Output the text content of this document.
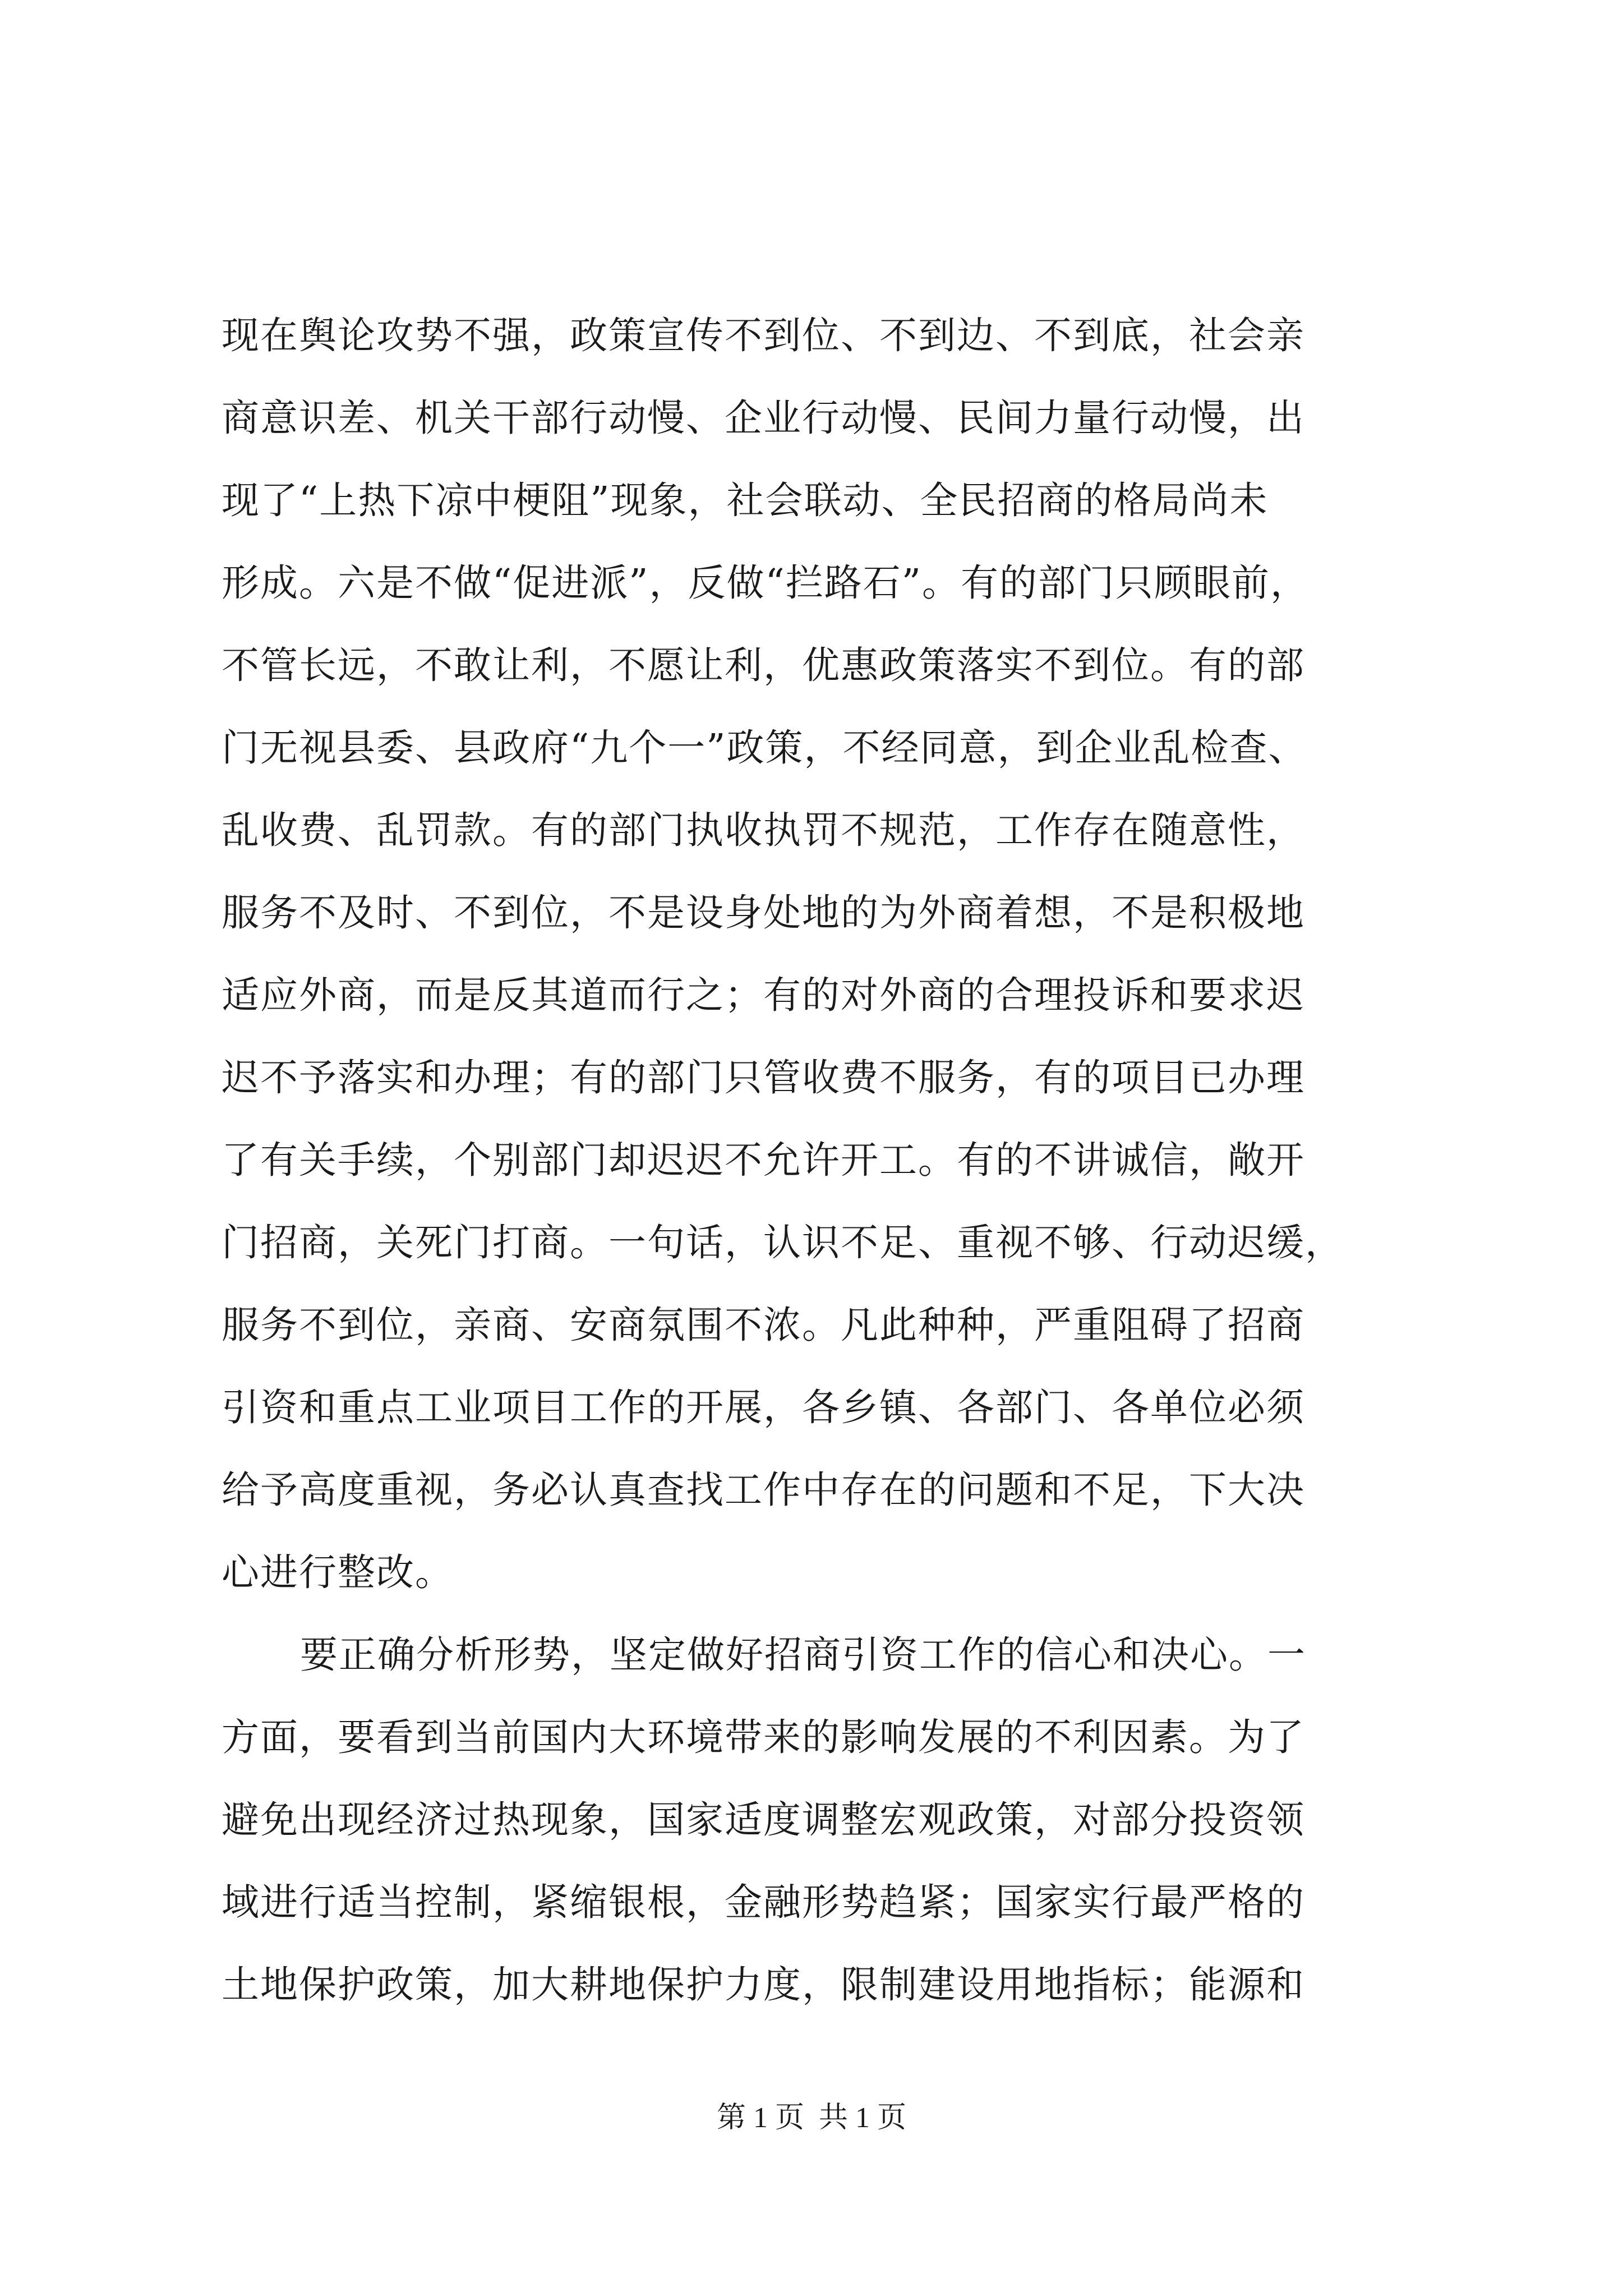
现在舆论攻势不强，政策宣传不到位、不到边、不到底，社会亲
商意识差、机关干部行动慢、企业行动慢、民间力量行动慢，出
现了“上热下凉中梗阻”现象，社会联动、全民招商的格局尚未
形成。六是不做“促进派”，反做“拦路石”。有的部门只顾眼前，
不管长远，不敢让利，不愿让利，优惠政策落实不到位。有的部
门无视县委、县政府“九个一”政策，不经同意，到企业乱检查、
乱收费、乱罚款。有的部门执收执罚不规范，工作存在随意性，
服务不及时、不到位，不是设身处地的为外商着想，不是积极地
适应外商，而是反其道而行之；有的对外商的合理投诉和要求迟
迟不予落实和办理；有的部门只管收费不服务，有的项目已办理
了有关手续，个别部门却迟迟不允许开工。有的不讲诚信，敞开
门招商，关死门打商。一句话，认识不足、重视不够、行动迟缓，
服务不到位，亲商、安商氛围不浓。凡此种种，严重阻碍了招商
引资和重点工业项目工作的开展，各乡镇、各部门、各单位必须
给予高度重视，务必认真查找工作中存在的问题和不足，下大决
心进行整改。
要正确分析形势，坚定做好招商引资工作的信心和决心。一
方面，要看到当前国内大环境带来的影响发展的不利因素。为了
避免出现经济过热现象，国家适度调整宏观政策，对部分投资领
域进行适当控制，紧缩银根，金融形势趋紧；国家实行最严格的
土地保护政策，加大耕地保护力度，限制建设用地指标；能源和
第 1 页  共 1 页
